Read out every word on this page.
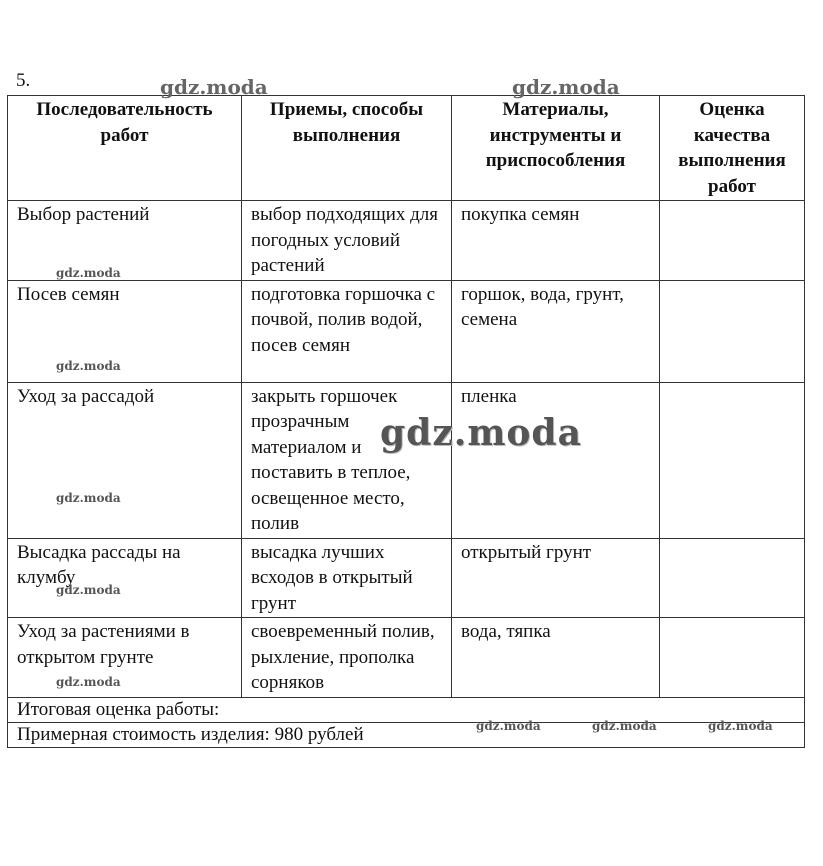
5.
Последовательность работ	Приемы, способы выполнения	Материалы, инструменты и приспособления	Оценка качества выполнения работ
Выбор растений	выбор подходящих для погодных условий растений	покупка семян	
Посев семян	подготовка горшочка с почвой, полив водой, посев семян	горшок, вода, грунт, семена	
Уход за рассадой	закрыть горшочек прозрачным материалом и поставить в теплое, освещенное место, полив	пленка	
Высадка рассады на клумбу	высадка лучших всходов в открытый грунт	открытый грунт	
Уход за растениями в открытом грунте	своевременный полив, рыхление, прополка сорняков	вода, тяпка	
Итоговая оценка работы:			
Примерная стоимость изделия: 980 рублей			
gdz.moda	gdz.moda
gdz.moda
gdz.moda
gdz.moda
gdz.moda
gdz.moda
gdz.moda
gdz.moda	gdz.moda	gdz.moda
